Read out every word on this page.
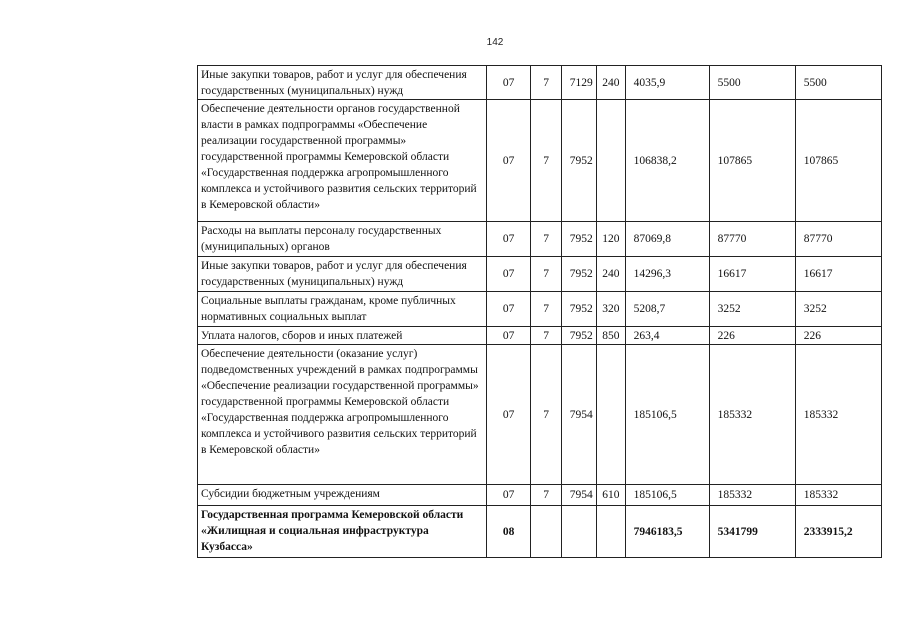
142
Иные закупки товаров, работ и услуг для обеспечения государственных (муниципальных) нужд	07	7	7129	240	4035,9	5500	5500
Обеспечение деятельности органов государственной власти в рамках подпрограммы «Обеспечение реализации государственной программы» государственной программы Кемеровской области «Государственная поддержка агропромышленного комплекса и устойчивого развития сельских территорий в Кемеровской области»	07	7	7952		106838,2	107865	107865
Расходы на выплаты персоналу государственных (муниципальных) органов	07	7	7952	120	87069,8	87770	87770
Иные закупки товаров, работ и услуг для обеспечения государственных (муниципальных) нужд	07	7	7952	240	14296,3	16617	16617
Социальные выплаты гражданам, кроме публичных нормативных социальных выплат	07	7	7952	320	5208,7	3252	3252
Уплата налогов, сборов и иных платежей	07	7	7952	850	263,4	226	226
Обеспечение деятельности (оказание услуг) подведомственных учреждений в рамках подпрограммы «Обеспечение реализации государственной программы» государственной программы Кемеровской области «Государственная поддержка агропромышленного комплекса и устойчивого развития сельских территорий в Кемеровской области»	07	7	7954		185106,5	185332	185332
Субсидии бюджетным учреждениям	07	7	7954	610	185106,5	185332	185332
Государственная программа Кемеровской области «Жилищная и социальная инфраструктура Кузбасса»	08				7946183,5	5341799	2333915,2
